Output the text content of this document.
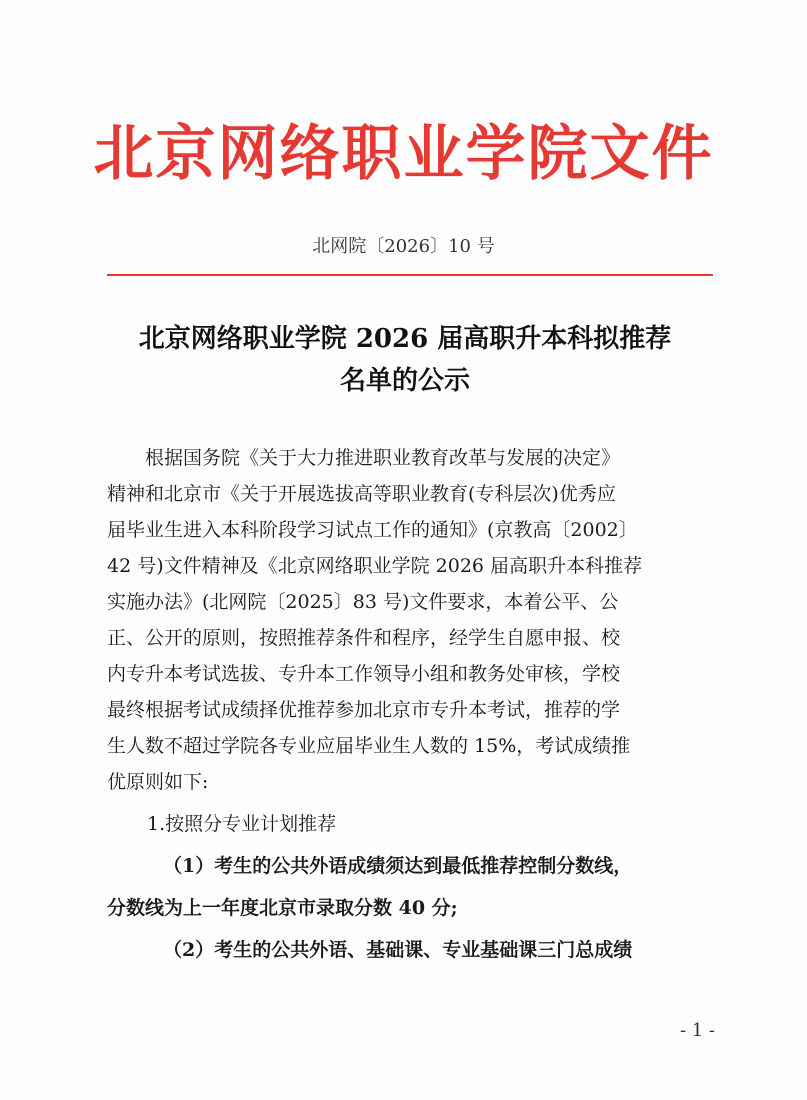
北京网络职业学院文件
北网院〔2026〕10 号
北京网络职业学院 2026 届高职升本科拟推荐
名单的公示
根据国务院《关于大力推进职业教育改革与发展的决定》
精神和北京市《关于开展选拔高等职业教育(专科层次)优秀应
届毕业生进入本科阶段学习试点工作的通知》(京教高〔2002〕
42 号)文件精神及《北京网络职业学院 2026 届高职升本科推荐
实施办法》(北网院〔2025〕83 号)文件要求，本着公平、公
正、公开的原则，按照推荐条件和程序，经学生自愿申报、校
内专升本考试选拔、专升本工作领导小组和教务处审核，学校
最终根据考试成绩择优推荐参加北京市专升本考试，推荐的学
生人数不超过学院各专业应届毕业生人数的 15%，考试成绩推
优原则如下:
1.按照分专业计划推荐
（1）考生的公共外语成绩须达到最低推荐控制分数线，
分数线为上一年度北京市录取分数 40 分;
（2）考生的公共外语、基础课、专业基础课三门总成绩
- 1 -
